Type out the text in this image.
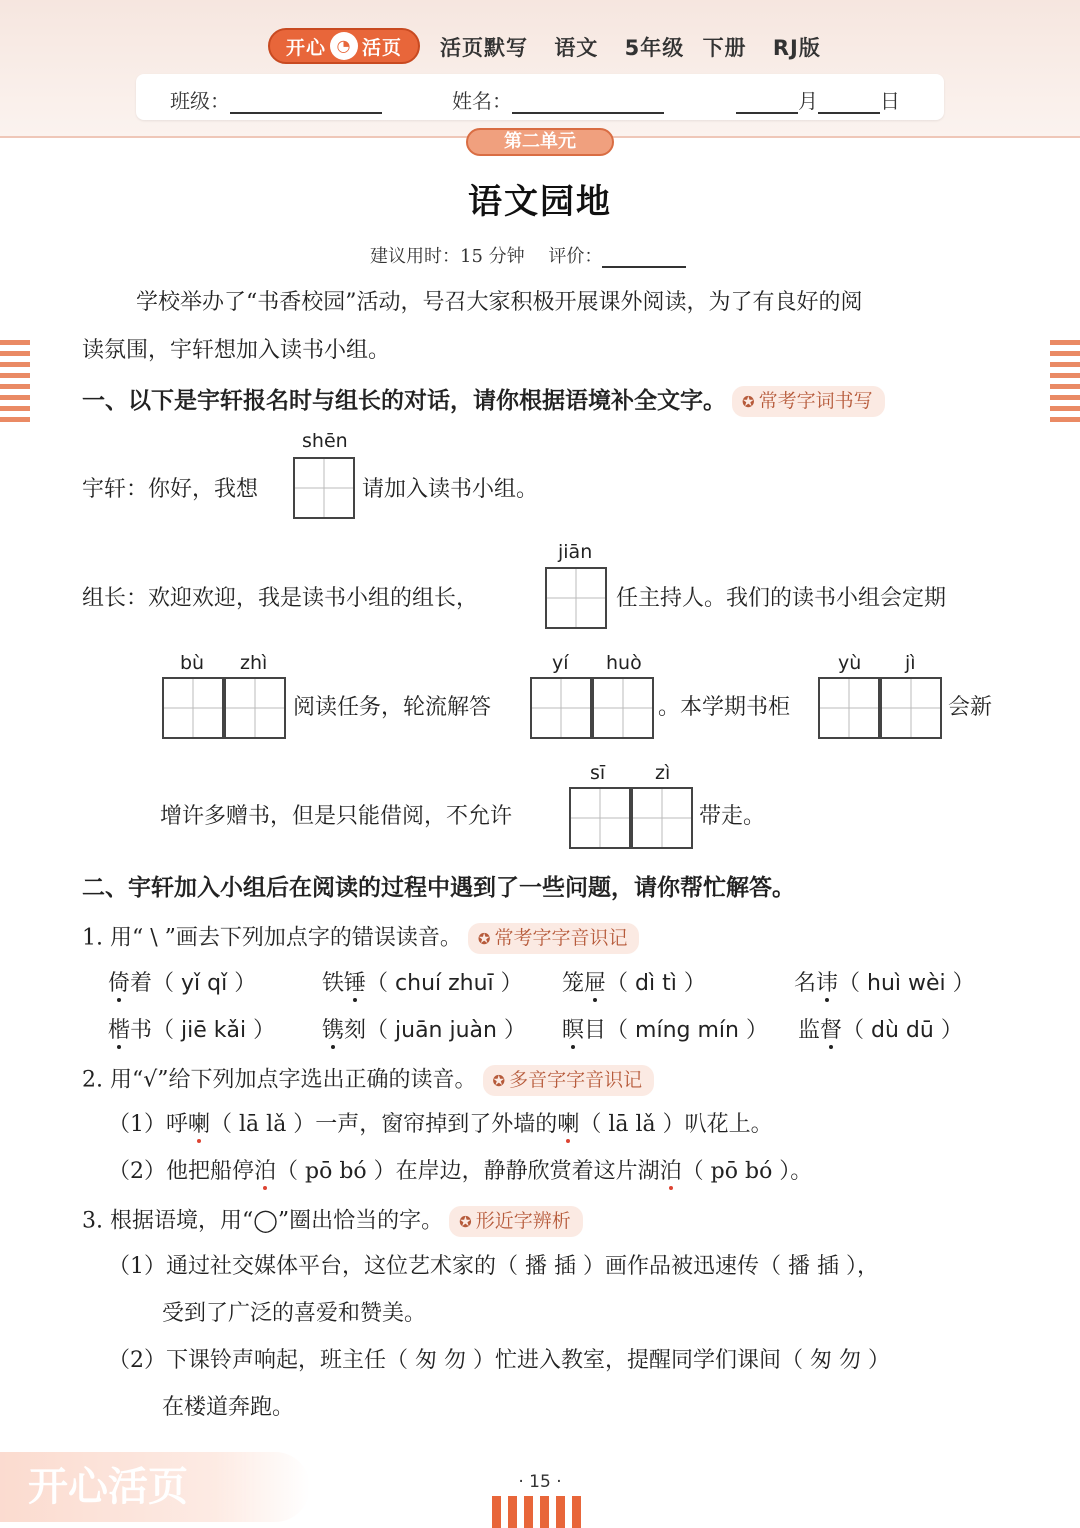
开心 ◔ 活页 活页默写 语文 5年级 下册 RJ版
班级：	姓名：	月	日
第二单元
语文园地
建议用时：15 分钟 评价：
学校举办了“书香校园”活动，号召大家积极开展课外阅读，为了有良好的阅
读氛围，宇轩想加入读书小组。
一、以下是宇轩报名时与组长的对话，请你根据语境补全文字。 ✪ 常考字词书写
shēn
宇轩：你好，我想	请加入读书小组。
jiān
组长：欢迎欢迎，我是读书小组的组长，	任主持人。我们的读书小组会定期
bù zhì
阅读任务，轮流解答
yí huò
。本学期书柜
yù jì
会新
sī	zì
增许多赠书，但是只能借阅，不允许	带走。
二、宇轩加入小组后在阅读的过程中遇到了一些问题，请你帮忙解答。
1. 用“ \ ”画去下列加点字的错误读音。 ✪ 常考字字音识记
倚着（ yǐ qǐ ）	铁锤（ chuí zhuī ） 笼屉（ dì tì ）	名讳（ huì wèi ）
楷书（ jiē kǎi ） 镌刻（ juān juàn ） 瞑目（ míng mín ） 监督（ dù dū ）
2. 用“√”给下列加点字选出正确的读音。 ✪ 多音字字音识记
（1）呼喇（ lā lǎ ）一声，窗帘掉到了外墙的喇（ lā lǎ ）叭花上。
（2）他把船停泊（ pō bó ）在岸边，静静欣赏着这片湖泊（ pō bó ）。
3. 根据语境，用“◯”圈出恰当的字。 ✪ 形近字辨析
（1）通过社交媒体平台，这位艺术家的（ 播 插 ）画作品被迅速传（ 播 插 ），
受到了广泛的喜爱和赞美。
（2）下课铃声响起，班主任（ 匆 勿 ）忙进入教室，提醒同学们课间（ 匆 勿 ）
在楼道奔跑。
开心活页	· 15 ·
